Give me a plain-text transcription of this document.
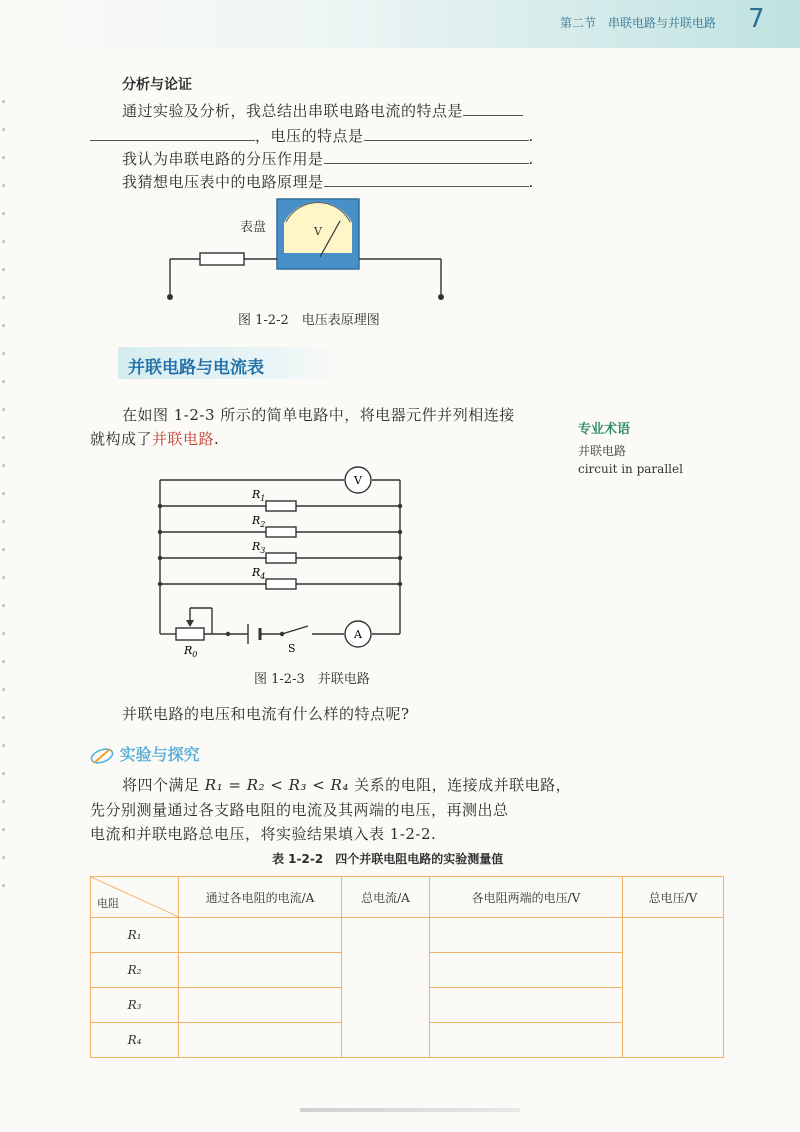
第二节 串联电路与并联电路 7
分析与论证
通过实验及分析，我总结出串联电路电流的特点是
，电压的特点是	.
我认为串联电路的分压作用是	.
我猜想电压表中的电路原理是	.
表盘	V
图 1-2-2　电压表原理图
并联电路与电流表
在如图 1-2-3 所示的简单电路中，将电器元件并列相连接
就构成了并联电路.
专业术语
并联电路
circuit in parallel
V
A
$R_1$
$R_2$
$R_3$
$R_4$
$R_0$	S
图 1-2-3　并联电路
并联电路的电压和电流有什么样的特点呢?
实验与探究
将四个满足 R₁ = R₂ < R₃ < R₄ 关系的电阻，连接成并联电路，
先分别测量通过各支路电阻的电流及其两端的电压，再测出总
电流和并联电路总电压，将实验结果填入表 1-2-2.
表 1-2-2　四个并联电阻电路的实验测量值
电阻	通过各电阻的电流/A	总电流/A	各电阻两端的电压/V	总电压/V
R₁				
R₂				
R₃				
R₄				
